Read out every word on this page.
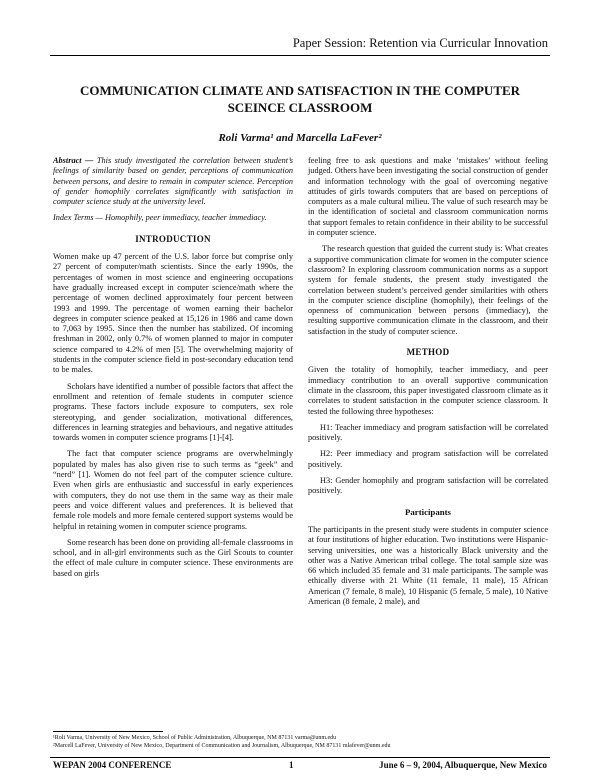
Paper Session: Retention via Curricular Innovation
COMMUNICATION CLIMATE AND SATISFACTION IN THE COMPUTER
SCEINCE CLASSROOM
Roli Varma¹ and Marcella LaFever²

Abstract — This study investigated the correlation between student’s feelings of similarity based on gender, perceptions of communication between persons, and desire to remain in computer science. Perception of gender homophily correlates significantly with satisfaction in computer science study at the university level.

Index Terms — Homophily, peer immediacy, teacher immediacy.

INTRODUCTION

Women make up 47 percent of the U.S. labor force but comprise only 27 percent of computer/math scientists. Since the early 1990s, the percentages of women in most science and engineering occupations have gradually increased except in computer science/math where the percentage of women declined approximately four percent between 1993 and 1999. The percentage of women earning their bachelor degrees in computer science peaked at 15,126 in 1986 and came down to 7,063 by 1995. Since then the number has stabilized. Of incoming freshman in 2002, only 0.7% of women planned to major in computer science compared to 4.2% of men [5]. The overwhelming majority of students in the computer science field in post-secondary education tend to be males.

Scholars have identified a number of possible factors that affect the enrollment and retention of female students in computer science programs. These factors include exposure to computers, sex role stereotyping, and gender socialization, motivational differences, differences in learning strategies and behaviours, and negative attitudes towards women in computer science programs [1]-[4].

The fact that computer science programs are overwhelmingly populated by males has also given rise to such terms as “geek” and “nerd” [1]. Women do not feel part of the computer science culture. Even when girls are enthusiastic and successful in early experiences with computers, they do not use them in the same way as their male peers and voice different values and preferences. It is believed that female role models and more female centered support systems would be helpful in retaining women in computer science programs.

Some research has been done on providing all-female classrooms in school, and in all-girl environments such as the Girl Scouts to counter the effect of male culture in computer science. These environments are based on girls

feeling free to ask questions and make ‘mistakes’ without feeling judged. Others have been investigating the social construction of gender and information technology with the goal of overcoming negative attitudes of girls towards computers that are based on perceptions of computers as a male cultural milieu. The value of such research may be in the identification of societal and classroom communication norms that support females to retain confidence in their ability to be successful in computer science.

The research question that guided the current study is: What creates a supportive communication climate for women in the computer science classroom? In exploring classroom communication norms as a support system for female students, the present study investigated the correlation between student’s perceived gender similarities with others in the computer science discipline (homophily), their feelings of the openness of communication between persons (immediacy), the resulting supportive communication climate in the classroom, and their satisfaction in the study of computer science.

METHOD

Given the totality of homophily, teacher immediacy, and peer immediacy contribution to an overall supportive communication climate in the classroom, this paper investigated classroom climate as it correlates to student satisfaction in the computer science classroom. It tested the following three hypotheses:

H1: Teacher immediacy and program satisfaction will be correlated positively.

H2: Peer immediacy and program satisfaction will be correlated positively.

H3: Gender homophily and program satisfaction will be correlated positively.

Participants

The participants in the present study were students in computer science at four institutions of higher education. Two institutions were Hispanic-serving universities, one was a historically Black university and the other was a Native American tribal college. The total sample size was 66 which included 35 female and 31 male participants. The sample was ethically diverse with 21 White (11 female, 11 male), 15 African American (7 female, 8 male), 10 Hispanic (5 female, 5 male), 10 Native American (8 female, 2 male), and

¹Roli Varma, University of New Mexico, School of Public Administration, Albuquerque, NM 87131 varma@unm.edu
²Marcell LaFever, University of New Mexico, Department of Communication and Journalism, Albuquerque, NM 87131 mlafever@unm.edu
WEPAN 2004 CONFERENCE	1	June 6 – 9, 2004, Albuquerque, New Mexico
